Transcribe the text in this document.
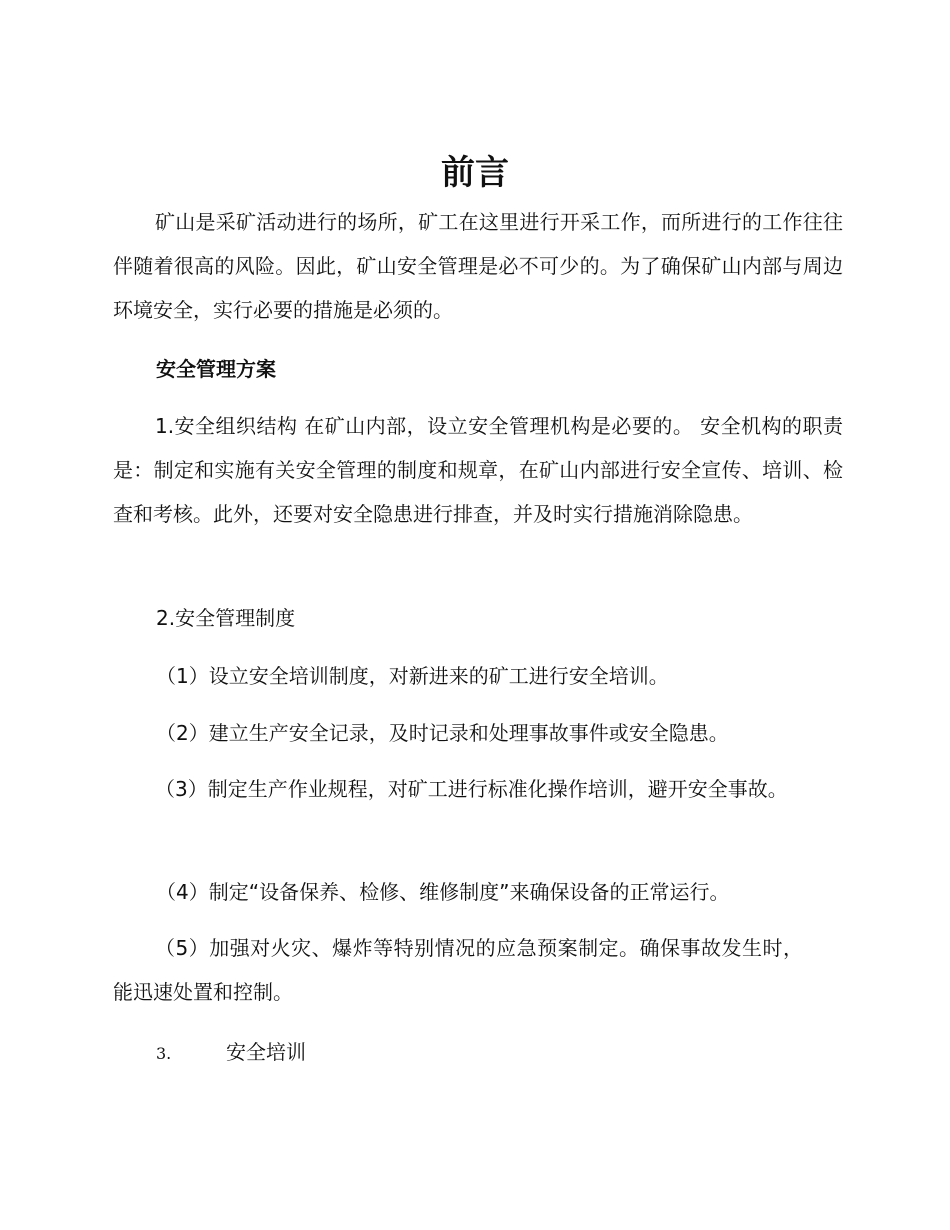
前言

矿山是采矿活动进行的场所，矿工在这里进行开采工作，而所进行的工作往往伴随着很高的风险。因此，矿山安全管理是必不可少的。为了确保矿山内部与周边环境安全，实行必要的措施是必须的。

安全管理方案

1.安全组织结构 在矿山内部，设立安全管理机构是必要的。 安全机构的职责是：制定和实施有关安全管理的制度和规章，在矿山内部进行安全宣传、培训、检查和考核。此外，还要对安全隐患进行排查，并及时实行措施消除隐患。

2.安全管理制度

（1）设立安全培训制度，对新进来的矿工进行安全培训。

（2）建立生产安全记录，及时记录和处理事故事件或安全隐患。

（3）制定生产作业规程，对矿工进行标准化操作培训，避开安全事故。

（4）制定“设备保养、检修、维修制度”来确保设备的正常运行。

（5）加强对火灾、爆炸等特别情况的应急预案制定。确保事故发生时，能迅速处置和控制。

3.	安全培训
